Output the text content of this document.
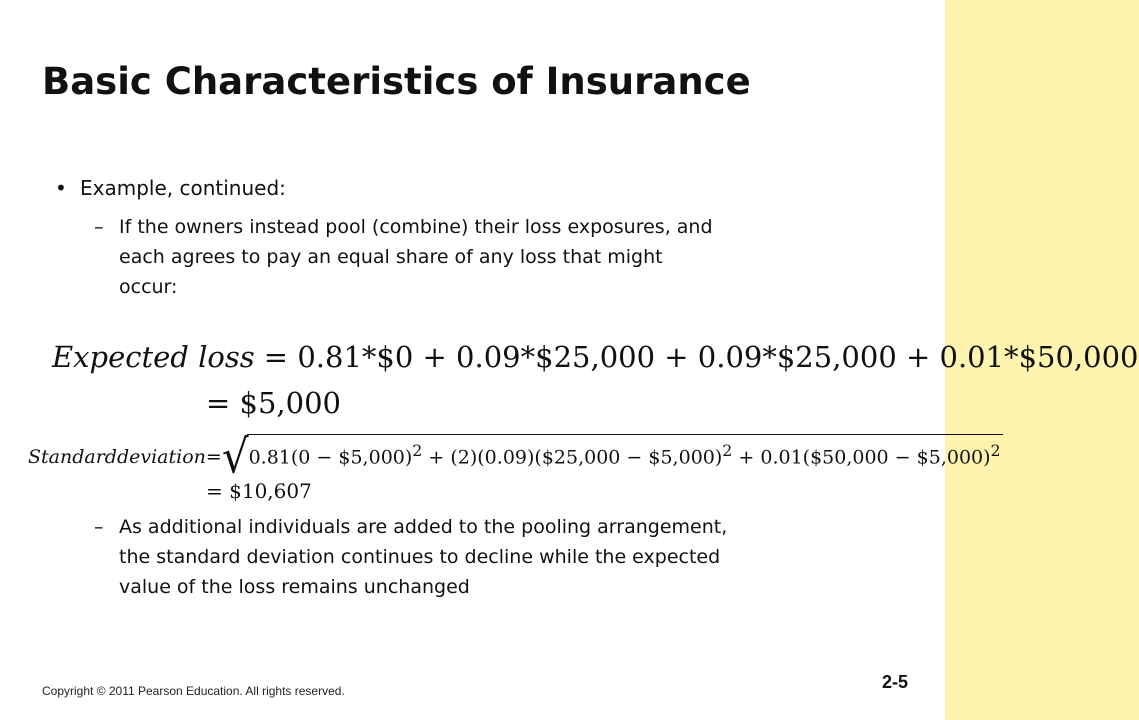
Basic Characteristics of Insurance
• Example, continued:
– If the owners instead pool (combine) their loss exposures, and
each agrees to pay an equal share of any loss that might
occur:
Expected loss = 0.81*$0 + 0.09*$25,000 + 0.09*$25,000 + 0.01*$50,000
= $5,000
Standarddeviation = √ 0.81(0 − $5,000)$^2$ + (2)(0.09)($25,000 − $5,000)$^2$ + 0.01($50,000 − $5,000)$^2$
= $10,607
– As additional individuals are added to the pooling arrangement,
the standard deviation continues to decline while the expected
value of the loss remains unchanged
Copyright © 2011 Pearson Education. All rights reserved.	2-5
